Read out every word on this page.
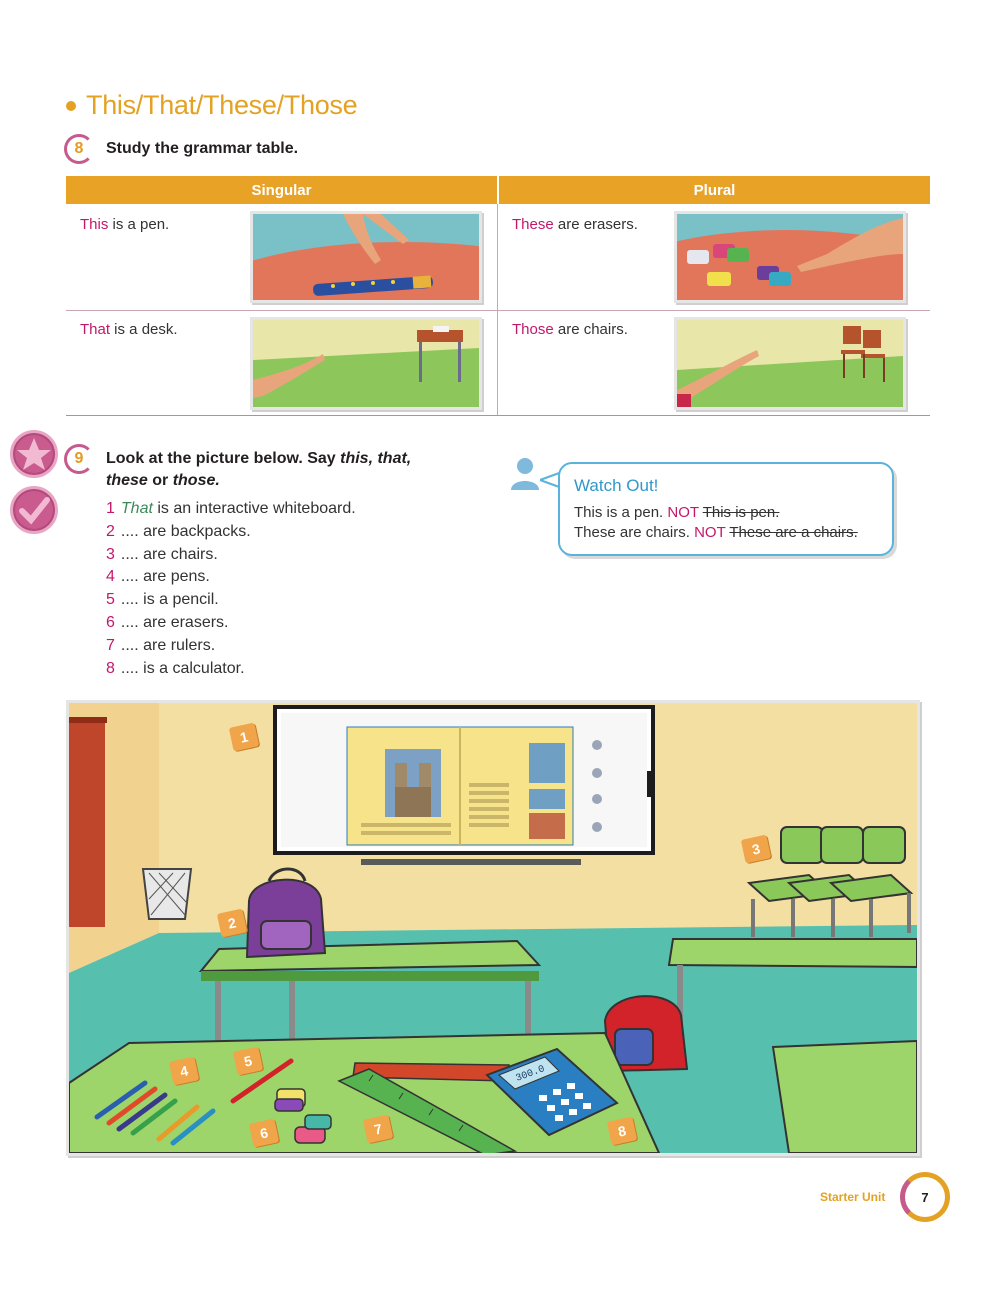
This/That/These/Those
8 Study the grammar table.
Singular	Plural
This is a pen.	These are erasers.
That is a desk.	Those are chairs.
9 Look at the picture below. Say this, that,
these or those.
1 That is an interactive whiteboard.
2 .... are backpacks.
3 .... are chairs.
4 .... are pens.
5 .... is a pencil.
6 .... are erasers.
7 .... are rulers.
8 .... is a calculator.
Watch Out!
This is a pen. NOT This is pen.
These are chairs. NOT These are a chairs.
300.0
1
2
3
4
5
6	7	8
Starter Unit	7
